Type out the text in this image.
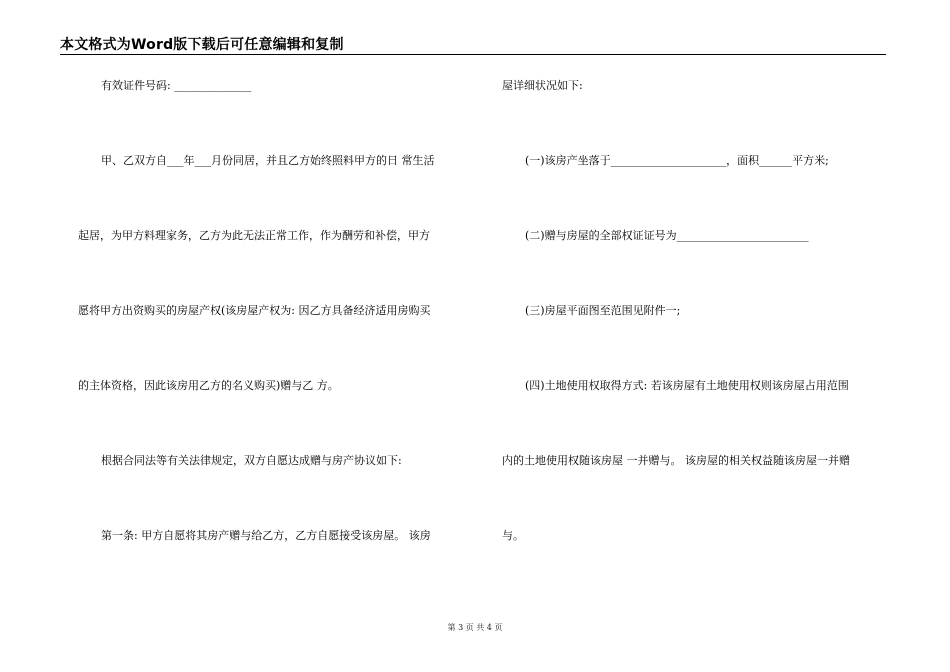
本文格式为Word版下载后可任意编辑和复制
有效证件号码: ______________
甲、乙双方自___年___月份同居，并且乙方始终照料甲方的日 常生活
起居，为甲方料理家务，乙方为此无法正常工作，作为酬劳和补偿，甲方
愿将甲方出资购买的房屋产权(该房屋产权为: 因乙方具备经济适用房购买
的主体资格，因此该房用乙方的名义购买)赠与乙 方。
根据合同法等有关法律规定，双方自愿达成赠与房产协议如下:
第一条: 甲方自愿将其房产赠与给乙方，乙方自愿接受该房屋。 该房
屋详细状况如下:
(一)该房产坐落于_____________________，面积______平方米;
(二)赠与房屋的全部权证证号为________________________
(三)房屋平面图至范围见附件一;
(四)土地使用权取得方式: 若该房屋有土地使用权则该房屋占用范围
内的土地使用权随该房屋 一并赠与。 该房屋的相关权益随该房屋一并赠
与。
第 3 页 共 4 页
